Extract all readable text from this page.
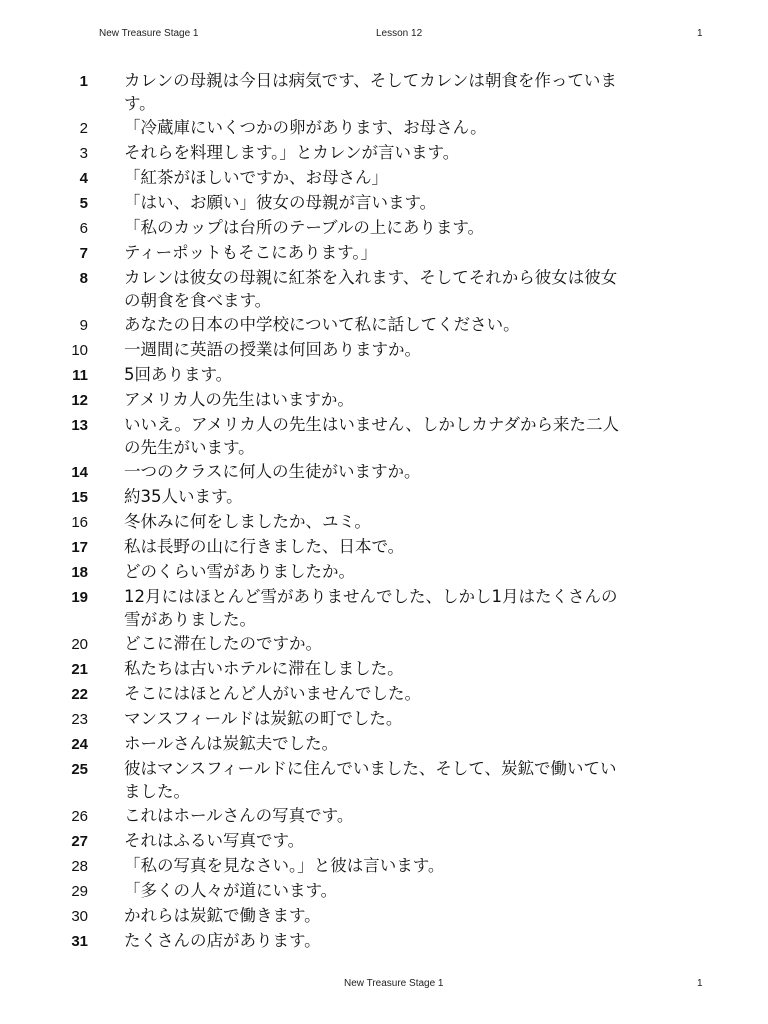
New Treasure Stage 1	Lesson 12	1
1	カレンの母親は今日は病気です、そしてカレンは朝食を作っています。
2	「冷蔵庫にいくつかの卵があります、お母さん。
3	それらを料理します。」とカレンが言います。
4	「紅茶がほしいですか、お母さん」
5	「はい、お願い」彼女の母親が言います。
6	「私のカップは台所のテーブルの上にあります。
7	ティーポットもそこにあります。」
8	カレンは彼女の母親に紅茶を入れます、そしてそれから彼女は彼女の朝食を食べます。
9	あなたの日本の中学校について私に話してください。
10	一週間に英語の授業は何回ありますか。
11	5回あります。
12	アメリカ人の先生はいますか。
13	いいえ。アメリカ人の先生はいません、しかしカナダから来た二人の先生がいます。
14	一つのクラスに何人の生徒がいますか。
15	約35人います。
16	冬休みに何をしましたか、ユミ。
17	私は長野の山に行きました、日本で。
18	どのくらい雪がありましたか。
19	12月にはほとんど雪がありませんでした、しかし1月はたくさんの雪がありました。
20	どこに滞在したのですか。
21	私たちは古いホテルに滞在しました。
22	そこにはほとんど人がいませんでした。
23	マンスフィールドは炭鉱の町でした。
24	ホールさんは炭鉱夫でした。
25	彼はマンスフィールドに住んでいました、そして、炭鉱で働いていました。
26	これはホールさんの写真です。
27	それはふるい写真です。
28	「私の写真を見なさい。」と彼は言います。
29	「多くの人々が道にいます。
30	かれらは炭鉱で働きます。
31	たくさんの店があります。
New Treasure Stage 1	1
